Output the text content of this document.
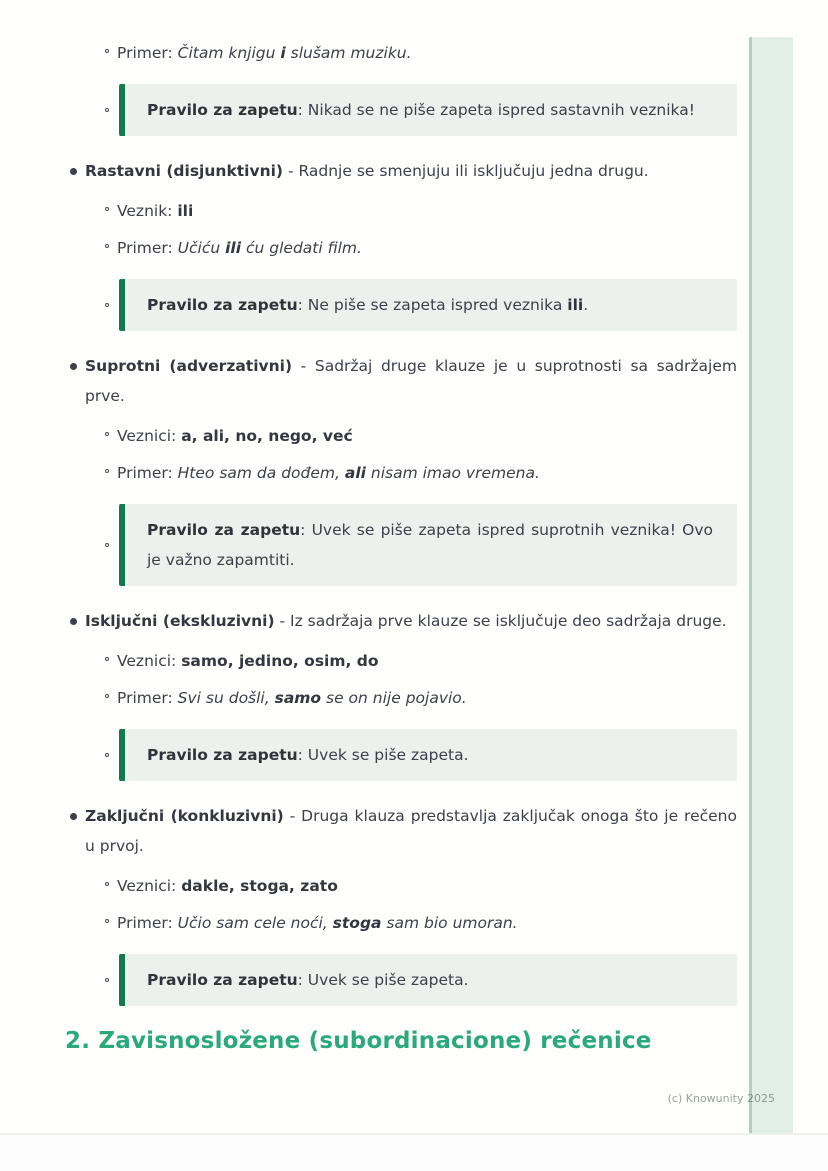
Primer: Čitam knjigu i slušam muziku.

Pravilo za zapetu: Nikad se ne piše zapeta ispred sastavnih veznika!

Rastavni (disjunktivni) - Radnje se smenjuju ili isključuju jedna drugu.

Veznik: ili

Primer: Učiću ili ću gledati film.

Pravilo za zapetu: Ne piše se zapeta ispred veznika ili.

Suprotni (adverzativni) - Sadržaj druge klauze je u suprotnosti sa sadržajem prve.

Veznici: a, ali, no, nego, već

Primer: Hteo sam da dođem, ali nisam imao vremena.

Pravilo za zapetu: Uvek se piše zapeta ispred suprotnih veznika! Ovo je važno zapamtiti.

Isključni (ekskluzivni) - Iz sadržaja prve klauze se isključuje deo sadržaja druge.

Veznici: samo, jedino, osim, do

Primer: Svi su došli, samo se on nije pojavio.

Pravilo za zapetu: Uvek se piše zapeta.

Zaključni (konkluzivni) - Druga klauza predstavlja zaključak onoga što je rečeno u prvoj.

Veznici: dakle, stoga, zato

Primer: Učio sam cele noći, stoga sam bio umoran.

Pravilo za zapetu: Uvek se piše zapeta.

2. Zavisnosložene (subordinacione) rečenice
(c) Knowunity 2025
